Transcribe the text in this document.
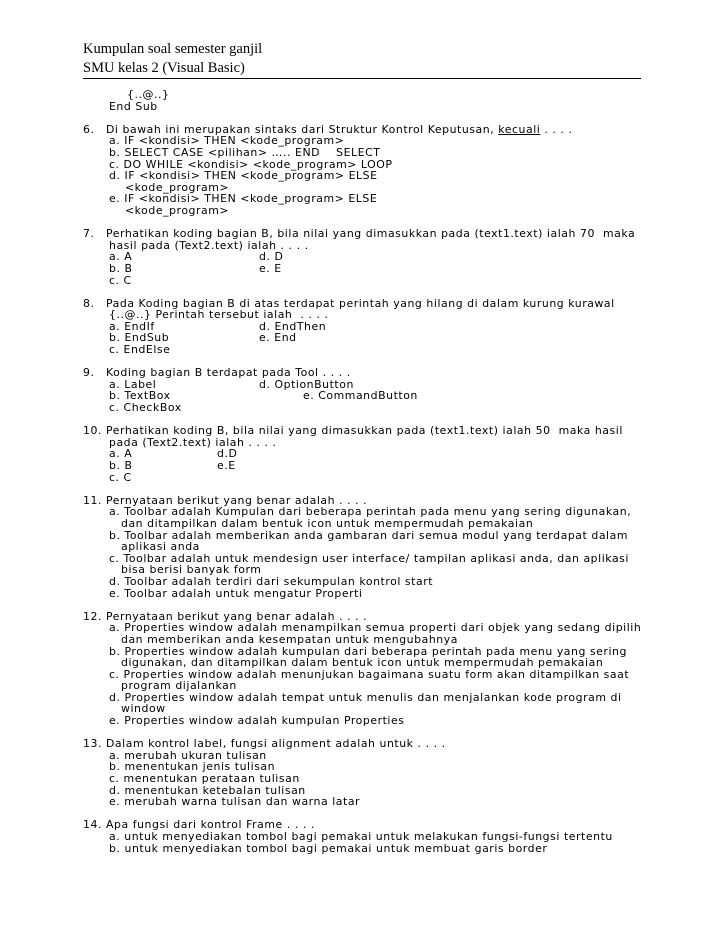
Kumpulan soal semester ganjil
SMU kelas 2 (Visual Basic)
{..@..}
End Sub
6. Di bawah ini merupakan sintaks dari Struktur Kontrol Keputusan, kecuali . . . .
a. IF <kondisi> THEN <kode_program>
b. SELECT CASE <pilihan> ….. END    SELECT
c. DO WHILE <kondisi> <kode_program> LOOP
d. IF <kondisi> THEN <kode_program> ELSE
<kode_program>
e. IF <kondisi> THEN <kode_program> ELSE
<kode_program>
7. Perhatikan koding bagian B, bila nilai yang dimasukkan pada (text1.text) ialah 70  maka
hasil pada (Text2.text) ialah . . . .
a. A	d. D
b. B	e. E
c. C
8. Pada Koding bagian B di atas terdapat perintah yang hilang di dalam kurung kurawal
{..@..} Perintah tersebut ialah  . . . .
a. EndIf	d. EndThen
b. EndSub	e. End
c. EndElse
9. Koding bagian B terdapat pada Tool . . . .
a. Label	d. OptionButton
b. TextBox	e. CommandButton
c. CheckBox
10. Perhatikan koding B, bila nilai yang dimasukkan pada (text1.text) ialah 50  maka hasil
pada (Text2.text) ialah . . . .
a. A	d.D
b. B	e.E
c. C
11. Pernyataan berikut yang benar adalah . . . .
a. Toolbar adalah Kumpulan dari beberapa perintah pada menu yang sering digunakan,
dan ditampilkan dalam bentuk icon untuk mempermudah pemakaian
b. Toolbar adalah memberikan anda gambaran dari semua modul yang terdapat dalam
aplikasi anda
c. Toolbar adalah untuk mendesign user interface/ tampilan aplikasi anda, dan aplikasi
bisa berisi banyak form
d. Toolbar adalah terdiri dari sekumpulan kontrol start
e. Toolbar adalah untuk mengatur Properti
12. Pernyataan berikut yang benar adalah . . . .
a. Properties window adalah menampilkan semua properti dari objek yang sedang dipilih
dan memberikan anda kesempatan untuk mengubahnya
b. Properties window adalah kumpulan dari beberapa perintah pada menu yang sering
digunakan, dan ditampilkan dalam bentuk icon untuk mempermudah pemakaian
c. Properties window adalah menunjukan bagaimana suatu form akan ditampilkan saat
program dijalankan
d. Properties window adalah tempat untuk menulis dan menjalankan kode program di
window
e. Properties window adalah kumpulan Properties
13. Dalam kontrol label, fungsi alignment adalah untuk . . . .
a. merubah ukuran tulisan
b. menentukan jenis tulisan
c. menentukan perataan tulisan
d. menentukan ketebalan tulisan
e. merubah warna tulisan dan warna latar
14. Apa fungsi dari kontrol Frame . . . .
a. untuk menyediakan tombol bagi pemakai untuk melakukan fungsi-fungsi tertentu
b. untuk menyediakan tombol bagi pemakai untuk membuat garis border
